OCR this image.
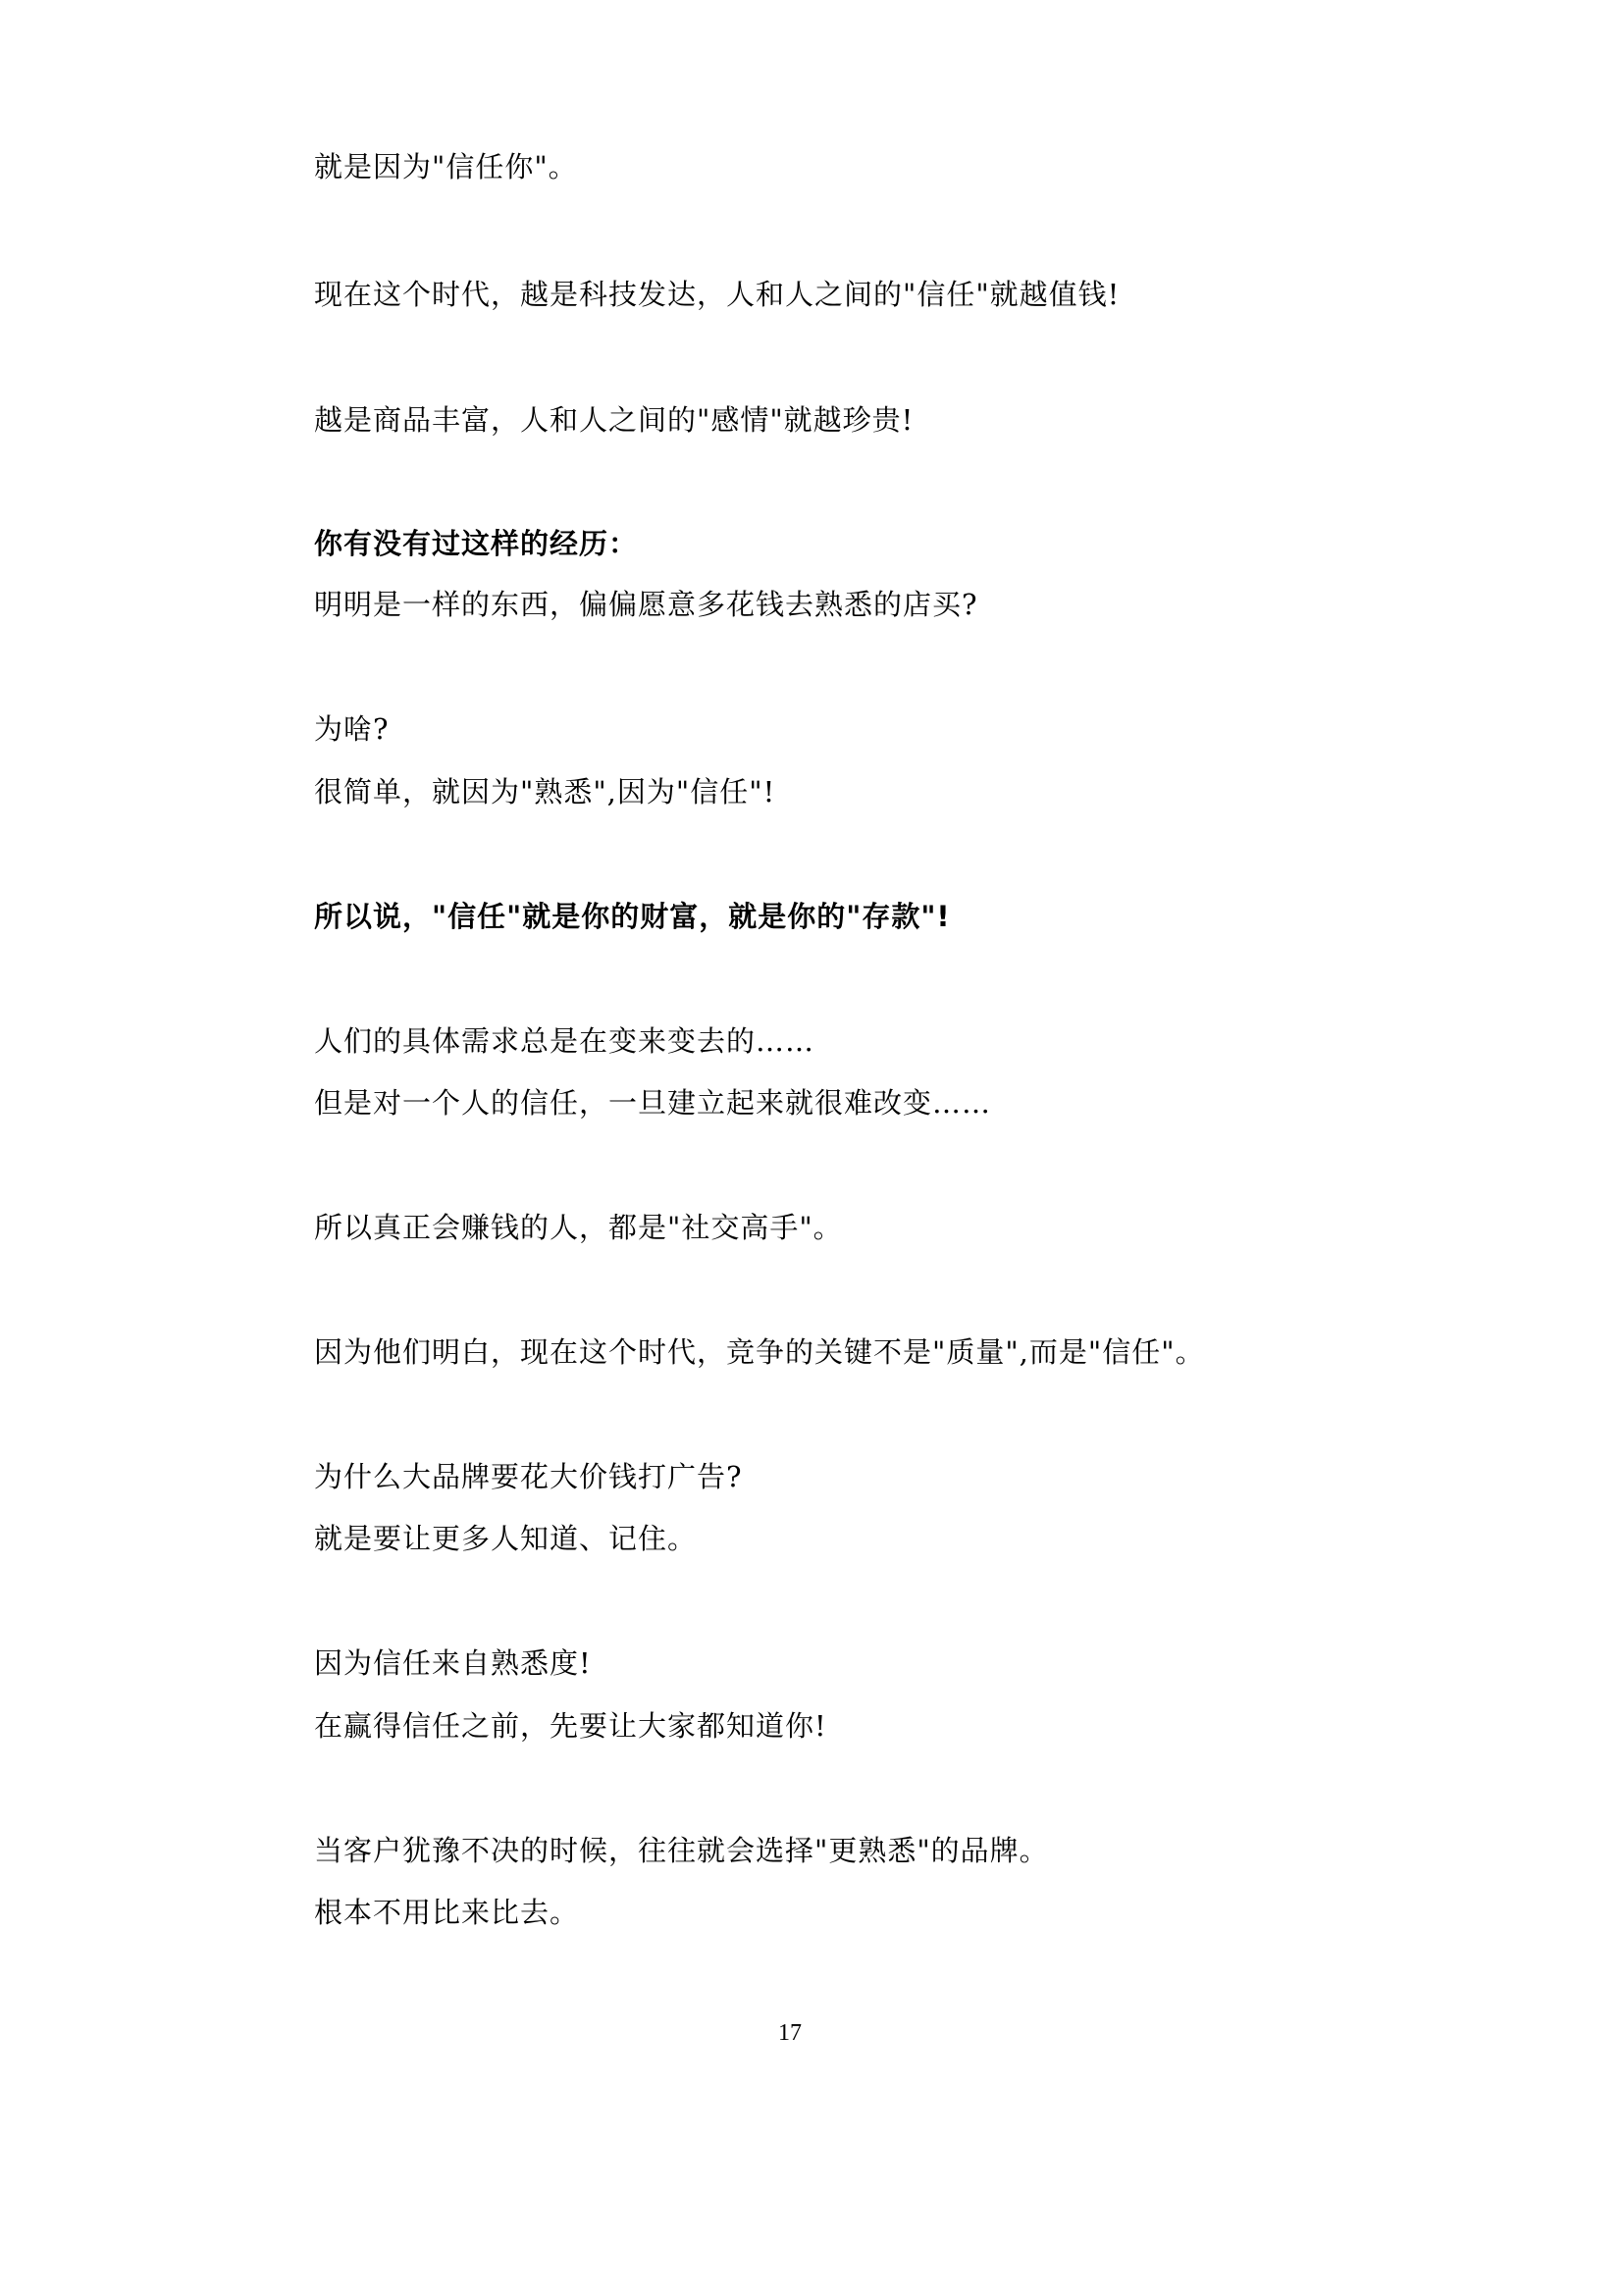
就是因为"信任你"。

现在这个时代，越是科技发达，人和人之间的"信任"就越值钱!

越是商品丰富，人和人之间的"感情"就越珍贵!

你有没有过这样的经历：

明明是一样的东西，偏偏愿意多花钱去熟悉的店买?

为啥?

很简单，就因为"熟悉",因为"信任"!

所以说，"信任"就是你的财富，就是你的"存款"!

人们的具体需求总是在变来变去的……

但是对一个人的信任，一旦建立起来就很难改变……

所以真正会赚钱的人，都是"社交高手"。

因为他们明白，现在这个时代，竞争的关键不是"质量",而是"信任"。

为什么大品牌要花大价钱打广告?

就是要让更多人知道、记住。

因为信任来自熟悉度!

在赢得信任之前，先要让大家都知道你!

当客户犹豫不决的时候，往往就会选择"更熟悉"的品牌。

根本不用比来比去。

17
